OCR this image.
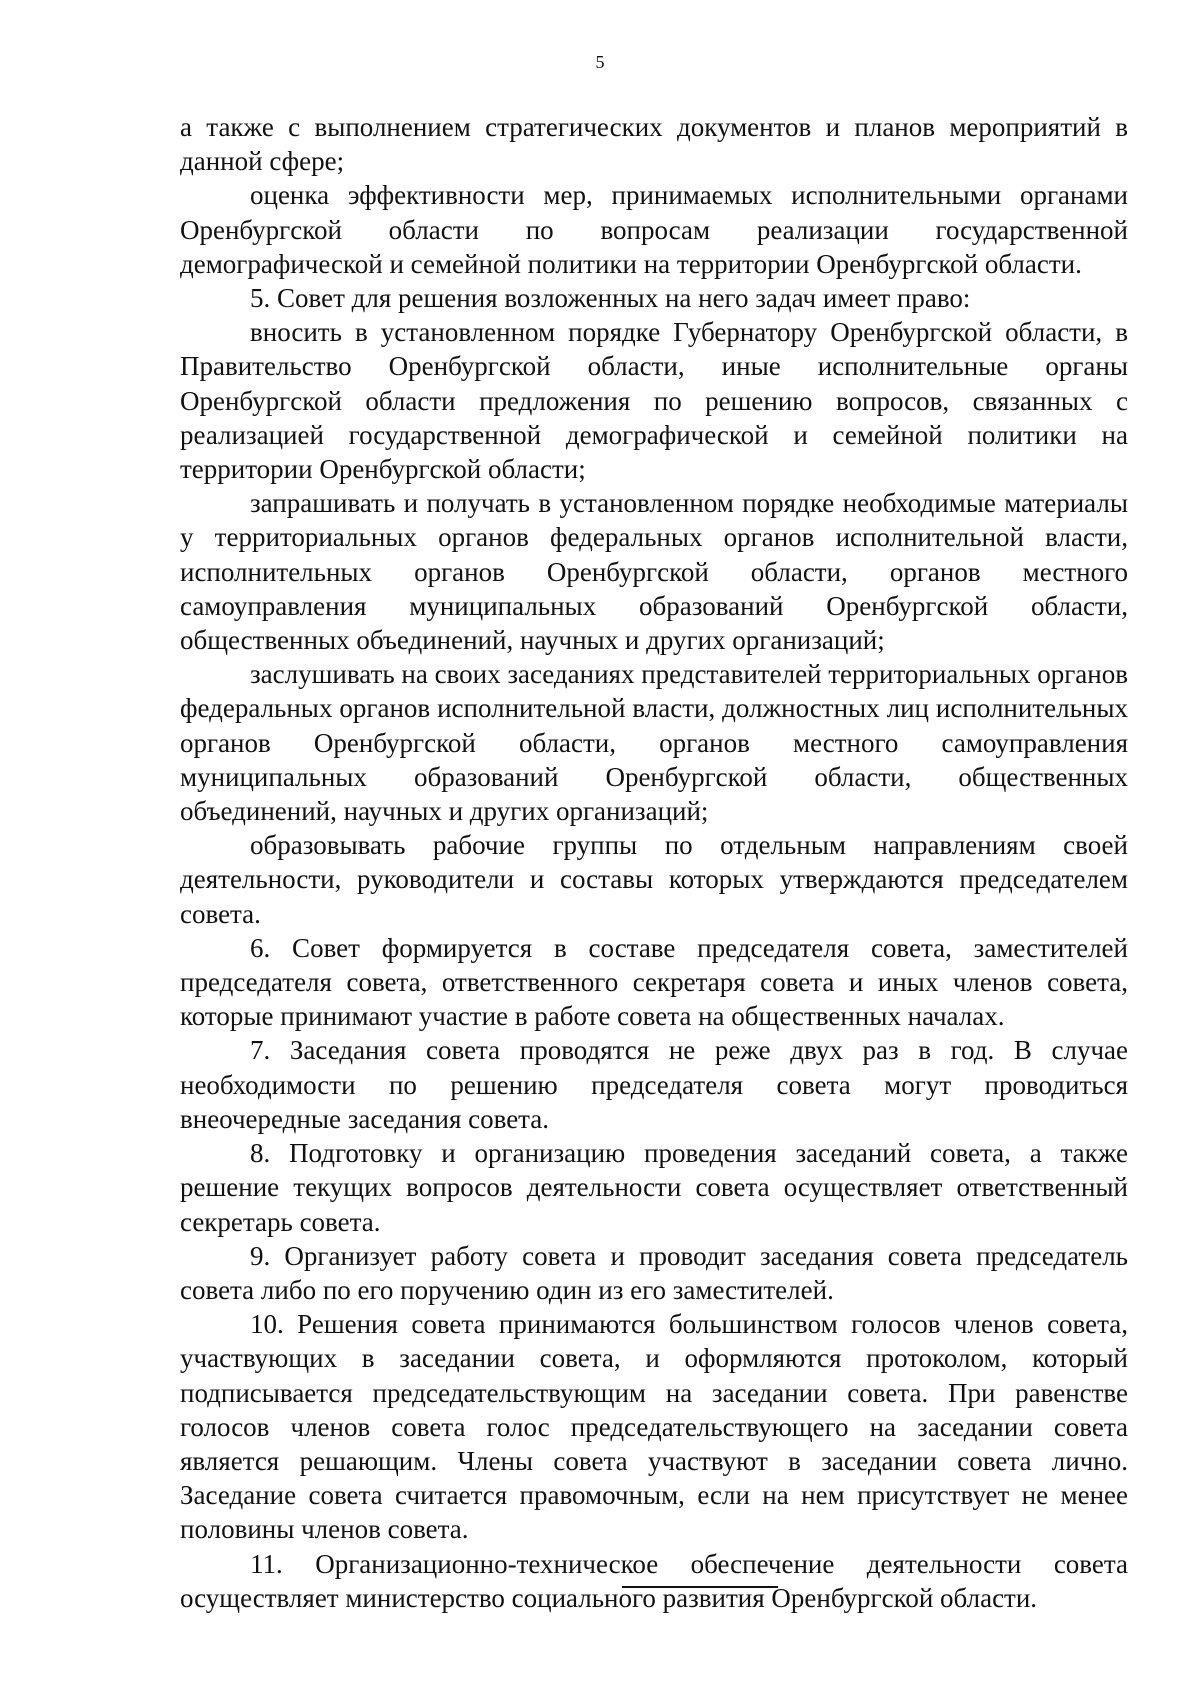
5

а также с выполнением стратегических документов и планов мероприятий в данной сфере;

оценка эффективности мер, принимаемых исполнительными органами Оренбургской области по вопросам реализации государственной демографической и семейной политики на территории Оренбургской области.

5. Совет для решения возложенных на него задач имеет право:

вносить в установленном порядке Губернатору Оренбургской области, в Правительство Оренбургской области, иные исполнительные органы Оренбургской области предложения по решению вопросов, связанных с реализацией государственной демографической и семейной политики на территории Оренбургской области;

запрашивать и получать в установленном порядке необходимые материалы у территориальных органов федеральных органов исполнительной власти, исполнительных органов Оренбургской области, органов местного самоуправления муниципальных образований Оренбургской области, общественных объединений, научных и других организаций;

заслушивать на своих заседаниях представителей территориальных органов федеральных органов исполнительной власти, должностных лиц исполнительных органов Оренбургской области, органов местного самоуправления муниципальных образований Оренбургской области, общественных объединений, научных и других организаций;

образовывать рабочие группы по отдельным направлениям своей деятельности, руководители и составы которых утверждаются председателем совета.

6. Совет формируется в составе председателя совета, заместителей председателя совета, ответственного секретаря совета и иных членов совета, которые принимают участие в работе совета на общественных началах.

7. Заседания совета проводятся не реже двух раз в год. В случае необходимости по решению председателя совета могут проводиться внеочередные заседания совета.

8. Подготовку и организацию проведения заседаний совета, а также решение текущих вопросов деятельности совета осуществляет ответственный секретарь совета.

9. Организует работу совета и проводит заседания совета председатель совета либо по его поручению один из его заместителей.

10. Решения совета принимаются большинством голосов членов совета, участвующих в заседании совета, и оформляются протоколом, который подписывается председательствующим на заседании совета. При равенстве голосов членов совета голос председательствующего на заседании совета является решающим. Члены совета участвуют в заседании совета лично. Заседание совета считается правомочным, если на нем присутствует не менее половины членов совета.

11. Организационно-техническое обеспечение деятельности совета осуществляет министерство социального развития Оренбургской области.
